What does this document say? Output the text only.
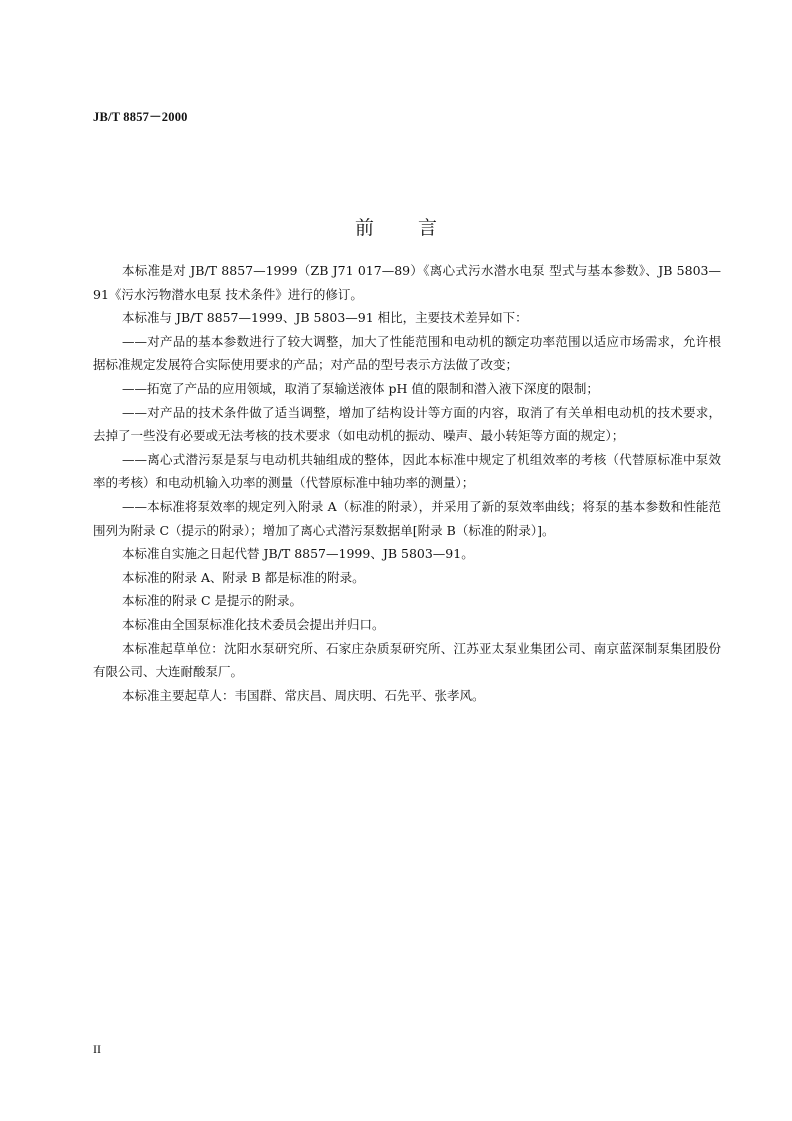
JB/T 8857－2000
前言

本标准是对 JB/T 8857—1999（ZB J71 017—89）《离心式污水潜水电泵 型式与基本参数》、JB 5803—91《污水污物潜水电泵 技术条件》进行的修订。

本标准与 JB/T 8857—1999、JB 5803—91 相比，主要技术差异如下：

——对产品的基本参数进行了较大调整，加大了性能范围和电动机的额定功率范围以适应市场需求，允许根据标准规定发展符合实际使用要求的产品；对产品的型号表示方法做了改变；

——拓宽了产品的应用领域，取消了泵输送液体 pH 值的限制和潜入液下深度的限制；

——对产品的技术条件做了适当调整，增加了结构设计等方面的内容，取消了有关单相电动机的技术要求，去掉了一些没有必要或无法考核的技术要求（如电动机的振动、噪声、最小转矩等方面的规定）；

——离心式潜污泵是泵与电动机共轴组成的整体，因此本标准中规定了机组效率的考核（代替原标准中泵效率的考核）和电动机输入功率的测量（代替原标准中轴功率的测量）；

——本标准将泵效率的规定列入附录 A（标准的附录），并采用了新的泵效率曲线；将泵的基本参数和性能范围列为附录 C（提示的附录）；增加了离心式潜污泵数据单[附录 B（标准的附录）]。

本标准自实施之日起代替 JB/T 8857—1999、JB 5803—91。

本标准的附录 A、附录 B 都是标准的附录。

本标准的附录 C 是提示的附录。

本标准由全国泵标准化技术委员会提出并归口。

本标准起草单位：沈阳水泵研究所、石家庄杂质泵研究所、江苏亚太泵业集团公司、南京蓝深制泵集团股份有限公司、大连耐酸泵厂。

本标准主要起草人：韦国群、常庆昌、周庆明、石先平、张孝风。

II
